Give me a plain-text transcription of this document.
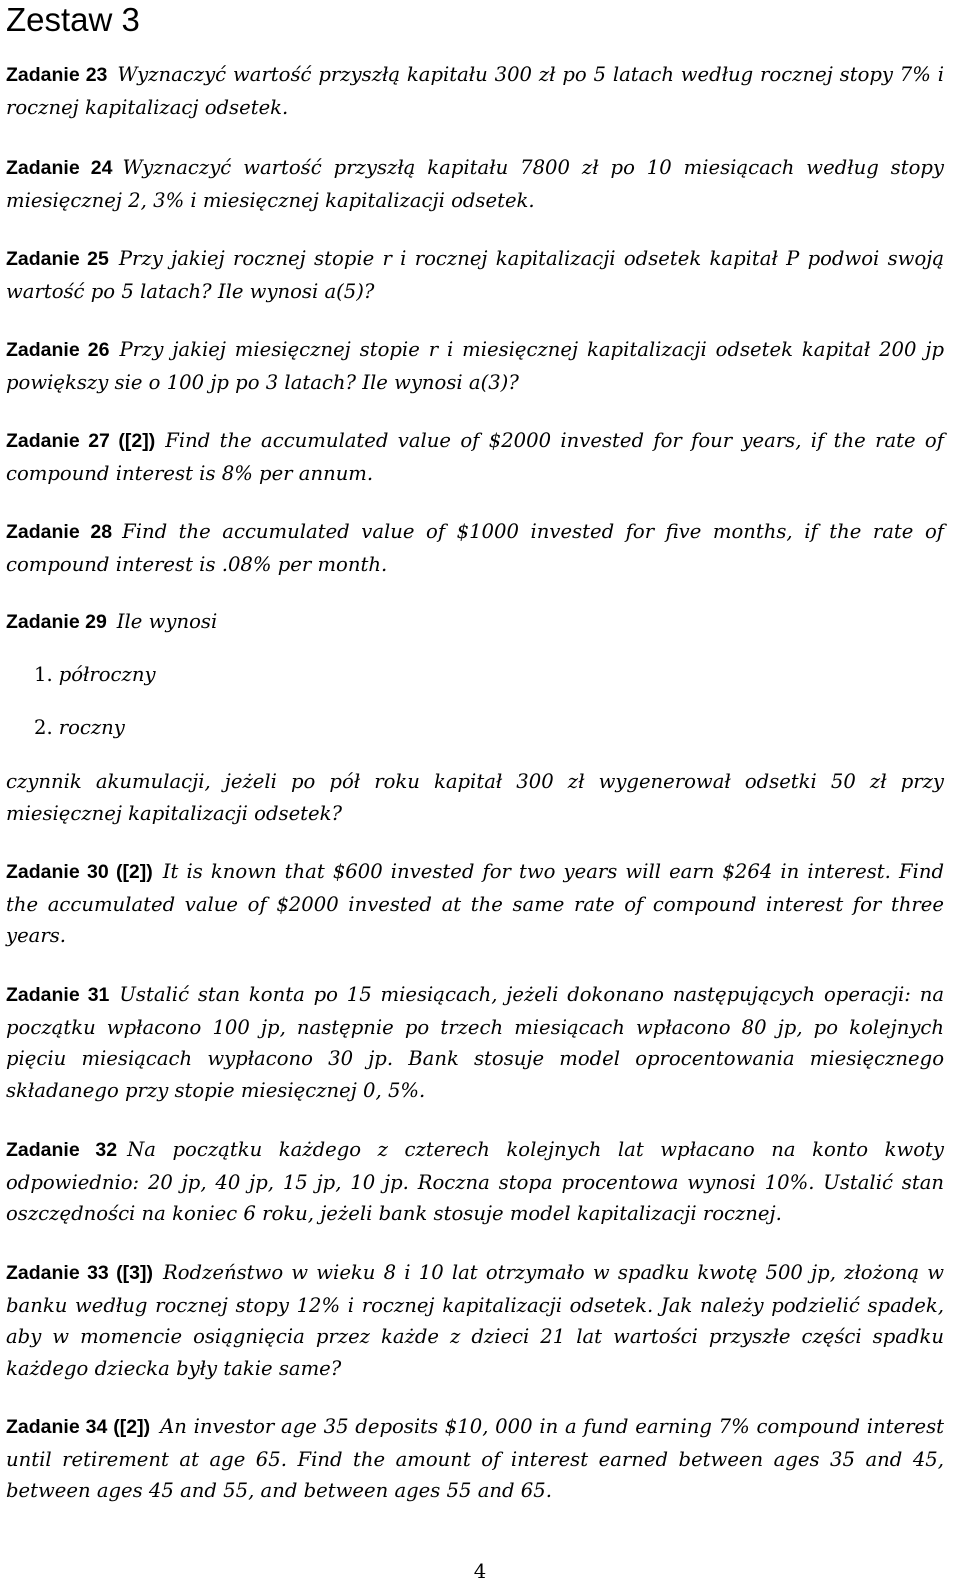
Zestaw 3

Zadanie 23 Wyznaczyć wartość przyszłą kapitału 300 zł po 5 latach według rocznej stopy 7% i rocznej kapitalizacj odsetek.

Zadanie 24 Wyznaczyć wartość przyszłą kapitału 7800 zł po 10 miesiącach według stopy miesięcznej 2, 3% i miesięcznej kapitalizacji odsetek.

Zadanie 25 Przy jakiej rocznej stopie r i rocznej kapitalizacji odsetek kapitał P podwoi swoją wartość po 5 latach? Ile wynosi a(5)?

Zadanie 26 Przy jakiej miesięcznej stopie r i miesięcznej kapitalizacji odsetek kapitał 200 jp powiększy sie o 100 jp po 3 latach? Ile wynosi a(3)?

Zadanie 27 ([2]) Find the accumulated value of $2000 invested for four years, if the rate of compound interest is 8% per annum.

Zadanie 28 Find the accumulated value of $1000 invested for five months, if the rate of compound interest is .08% per month.

Zadanie 29 Ile wynosi

1. półroczny
2. roczny

czynnik akumulacji, jeżeli po pół roku kapitał 300 zł wygenerował odsetki 50 zł przy miesięcznej kapitalizacji odsetek?

Zadanie 30 ([2]) It is known that $600 invested for two years will earn $264 in interest. Find the accumulated value of $2000 invested at the same rate of compound interest for three years.

Zadanie 31 Ustalić stan konta po 15 miesiącach, jeżeli dokonano następujących operacji: na początku wpłacono 100 jp, następnie po trzech miesiącach wpłacono 80 jp, po kolejnych pięciu miesiącach wypłacono 30 jp. Bank stosuje model oprocentowania miesięcznego składanego przy stopie miesięcznej 0, 5%.

Zadanie 32 Na początku każdego z czterech kolejnych lat wpłacano na konto kwoty odpowiednio: 20 jp, 40 jp, 15 jp, 10 jp. Roczna stopa procentowa wynosi 10%. Ustalić stan oszczędności na koniec 6 roku, jeżeli bank stosuje model kapitalizacji rocznej.

Zadanie 33 ([3]) Rodzeństwo w wieku 8 i 10 lat otrzymało w spadku kwotę 500 jp, złożoną w banku według rocznej stopy 12% i rocznej kapitalizacji odsetek. Jak należy podzielić spadek, aby w momencie osiągnięcia przez każde z dzieci 21 lat wartości przyszłe części spadku każdego dziecka były takie same?

Zadanie 34 ([2]) An investor age 35 deposits $10, 000 in a fund earning 7% compound interest until retirement at age 65. Find the amount of interest earned between ages 35 and 45, between ages 45 and 55, and between ages 55 and 65.

4
